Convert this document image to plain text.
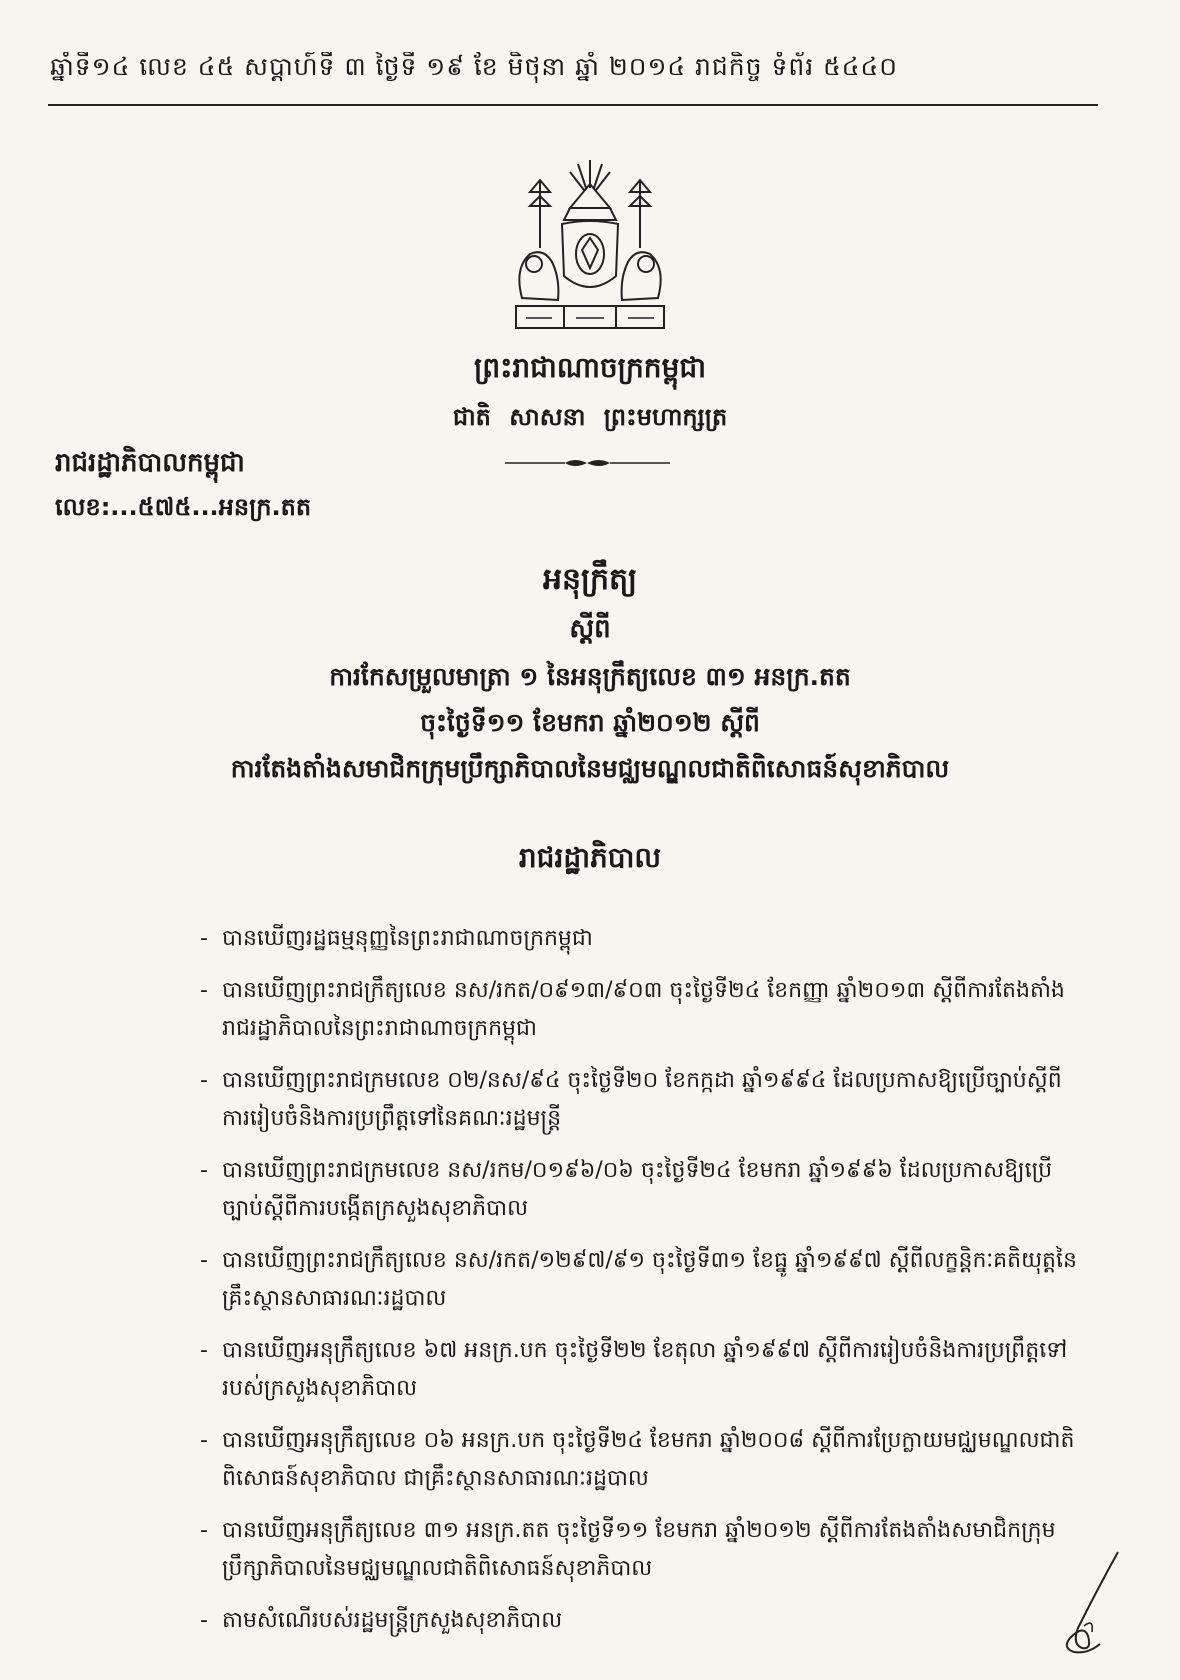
ឆ្នាំទី១៤ លេខ ៤៥ សប្តាហ៍ទី ៣ ថ្ងៃទី ១៩ ខែ មិថុនា ឆ្នាំ ២០១៤ រាជកិច្ច ទំព័រ ៥៤៤០
ព្រះរាជាណាចក្រកម្ពុជា
ជាតិ សាសនា ព្រះមហាក្សត្រ
រាជរដ្ឋាភិបាលកម្ពុជា
លេខ:...៥៧៥...អនក្រ.តត
អនុក្រឹត្យ
ស្តីពី
ការកែសម្រួលមាត្រា ១ នៃអនុក្រឹត្យលេខ ៣១ អនក្រ.តត
ចុះថ្ងៃទី១១ ខែមករា ឆ្នាំ២០១២ ស្តីពី
ការតែងតាំងសមាជិកក្រុមប្រឹក្សាភិបាលនៃមជ្ឈមណ្ឌលជាតិពិសោធន៍សុខាភិបាល
រាជរដ្ឋាភិបាល
- បានឃើញរដ្ឋធម្មនុញ្ញនៃព្រះរាជាណាចក្រកម្ពុជា
- បានឃើញព្រះរាជក្រឹត្យលេខ នស/រកត/០៩១៣/៩០៣ ចុះថ្ងៃទី២៤ ខែកញ្ញា ឆ្នាំ២០១៣ ស្តីពីការតែងតាំងរាជរដ្ឋាភិបាលនៃព្រះរាជាណាចក្រកម្ពុជា
- បានឃើញព្រះរាជក្រមលេខ ០២/នស/៩៤ ចុះថ្ងៃទី២០ ខែកក្កដា ឆ្នាំ១៩៩៤ ដែលប្រកាសឱ្យប្រើច្បាប់ស្តីពីការរៀបចំនិងការប្រព្រឹត្តទៅនៃគណៈរដ្ឋមន្ត្រី
- បានឃើញព្រះរាជក្រមលេខ នស/រកម/០១៩៦/០៦ ចុះថ្ងៃទី២៤ ខែមករា ឆ្នាំ១៩៩៦ ដែលប្រកាសឱ្យប្រើច្បាប់ស្តីពីការបង្កើតក្រសួងសុខាភិបាល
- បានឃើញព្រះរាជក្រឹត្យលេខ នស/រកត/១២៩៧/៩១ ចុះថ្ងៃទី៣១ ខែធ្នូ ឆ្នាំ១៩៩៧ ស្តីពីលក្ខន្តិកៈគតិយុត្តនៃគ្រឹះស្ថានសាធារណៈរដ្ឋបាល
- បានឃើញអនុក្រឹត្យលេខ ៦៧ អនក្រ.បក ចុះថ្ងៃទី២២ ខែតុលា ឆ្នាំ១៩៩៧ ស្តីពីការរៀបចំនិងការប្រព្រឹត្តទៅរបស់ក្រសួងសុខាភិបាល
- បានឃើញអនុក្រឹត្យលេខ ០៦ អនក្រ.បក ចុះថ្ងៃទី២៤ ខែមករា ឆ្នាំ២០០៨ ស្តីពីការប្រែក្លាយមជ្ឈមណ្ឌលជាតិពិសោធន៍សុខាភិបាល ជាគ្រឹះស្ថានសាធារណៈរដ្ឋបាល
- បានឃើញអនុក្រឹត្យលេខ ៣១ អនក្រ.តត ចុះថ្ងៃទី១១ ខែមករា ឆ្នាំ២០១២ ស្តីពីការតែងតាំងសមាជិកក្រុមប្រឹក្សាភិបាលនៃមជ្ឈមណ្ឌលជាតិពិសោធន៍សុខាភិបាល
- តាមសំណើរបស់រដ្ឋមន្ត្រីក្រសួងសុខាភិបាល
